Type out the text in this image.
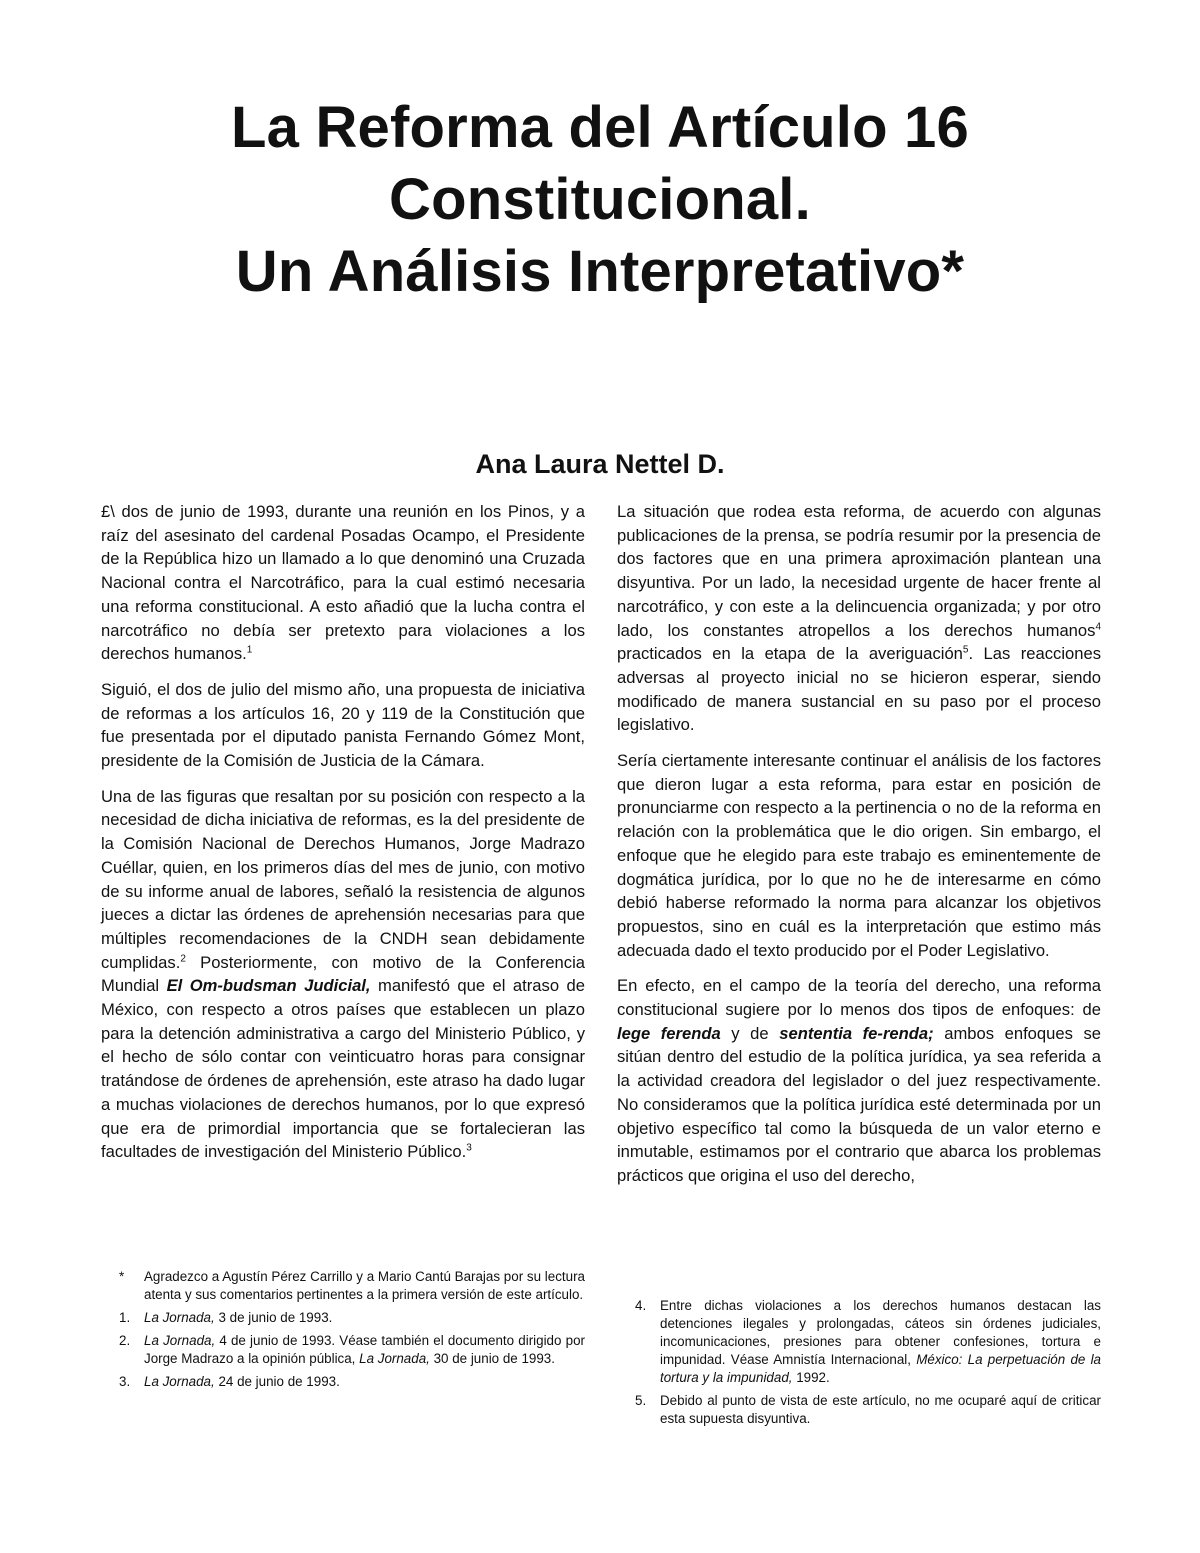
La Reforma del Artículo 16
Constitucional.
Un Análisis Interpretativo*
Ana Laura Nettel D.

£\ dos de junio de 1993, durante una reunión en los Pinos, y a raíz del asesinato del cardenal Posadas Ocampo, el Presidente de la República hizo un llamado a lo que denominó una Cruzada Nacional contra el Narcotráfico, para la cual estimó necesaria una reforma constitucional. A esto añadió que la lucha contra el narcotráfico no debía ser pretexto para violaciones a los derechos humanos.$^1$

Siguió, el dos de julio del mismo año, una propuesta de iniciativa de reformas a los artículos 16, 20 y 119 de la Constitución que fue presentada por el diputado panista Fernando Gómez Mont, presidente de la Comisión de Justicia de la Cámara.

Una de las figuras que resaltan por su posición con respecto a la necesidad de dicha iniciativa de reformas, es la del presidente de la Comisión Nacional de Derechos Humanos, Jorge Madrazo Cuéllar, quien, en los primeros días del mes de junio, con motivo de su informe anual de labores, señaló la resistencia de algunos jueces a dictar las órdenes de aprehensión necesarias para que múltiples recomendaciones de la CNDH sean debidamente cumplidas.$^2$ Posteriormente, con motivo de la Conferencia Mundial El Om-budsman Judicial, manifestó que el atraso de México, con respecto a otros países que establecen un plazo para la detención administrativa a cargo del Ministerio Público, y el hecho de sólo contar con veinticuatro horas para consignar tratándose de órdenes de aprehensión, este atraso ha dado lugar a muchas violaciones de derechos humanos, por lo que expresó que era de primordial importancia que se fortalecieran las facultades de investigación del Ministerio Público.$^3$

La situación que rodea esta reforma, de acuerdo con algunas publicaciones de la prensa, se podría resumir por la presencia de dos factores que en una primera aproximación plantean una disyuntiva. Por un lado, la necesidad urgente de hacer frente al narcotráfico, y con este a la delincuencia organizada; y por otro lado, los constantes atropellos a los derechos humanos$^4$ practicados en la etapa de la averiguación$^5$. Las reacciones adversas al proyecto inicial no se hicieron esperar, siendo modificado de manera sustancial en su paso por el proceso legislativo.

Sería ciertamente interesante continuar el análisis de los factores que dieron lugar a esta reforma, para estar en posición de pronunciarme con respecto a la pertinencia o no de la reforma en relación con la problemática que le dio origen. Sin embargo, el enfoque que he elegido para este trabajo es eminentemente de dogmática jurídica, por lo que no he de interesarme en cómo debió haberse reformado la norma para alcanzar los objetivos propuestos, sino en cuál es la interpretación que estimo más adecuada dado el texto producido por el Poder Legislativo.

En efecto, en el campo de la teoría del derecho, una reforma constitucional sugiere por lo menos dos tipos de enfoques: de lege ferenda y de sententia fe-renda; ambos enfoques se sitúan dentro del estudio de la política jurídica, ya sea referida a la actividad creadora del legislador o del juez respectivamente. No consideramos que la política jurídica esté determinada por un objetivo específico tal como la búsqueda de un valor eterno e inmutable, estimamos por el contrario que abarca los problemas prácticos que origina el uso del derecho,

* Agradezco a Agustín Pérez Carrillo y a Mario Cantú Barajas por su lectura atenta y sus comentarios pertinentes a la primera versión de este artículo.
1. La Jornada, 3 de junio de 1993.
2. La Jornada, 4 de junio de 1993. Véase también el documento dirigido por Jorge Madrazo a la opinión pública, La Jornada, 30 de junio de 1993.
3. La Jornada, 24 de junio de 1993.
4. Entre dichas violaciones a los derechos humanos destacan las detenciones ilegales y prolongadas, cáteos sin órdenes judiciales, incomunicaciones, presiones para obtener confesiones, tortura e impunidad. Véase Amnistía Internacional, México: La perpetuación de la tortura y la impunidad, 1992.
5. Debido al punto de vista de este artículo, no me ocuparé aquí de criticar esta supuesta disyuntiva.
